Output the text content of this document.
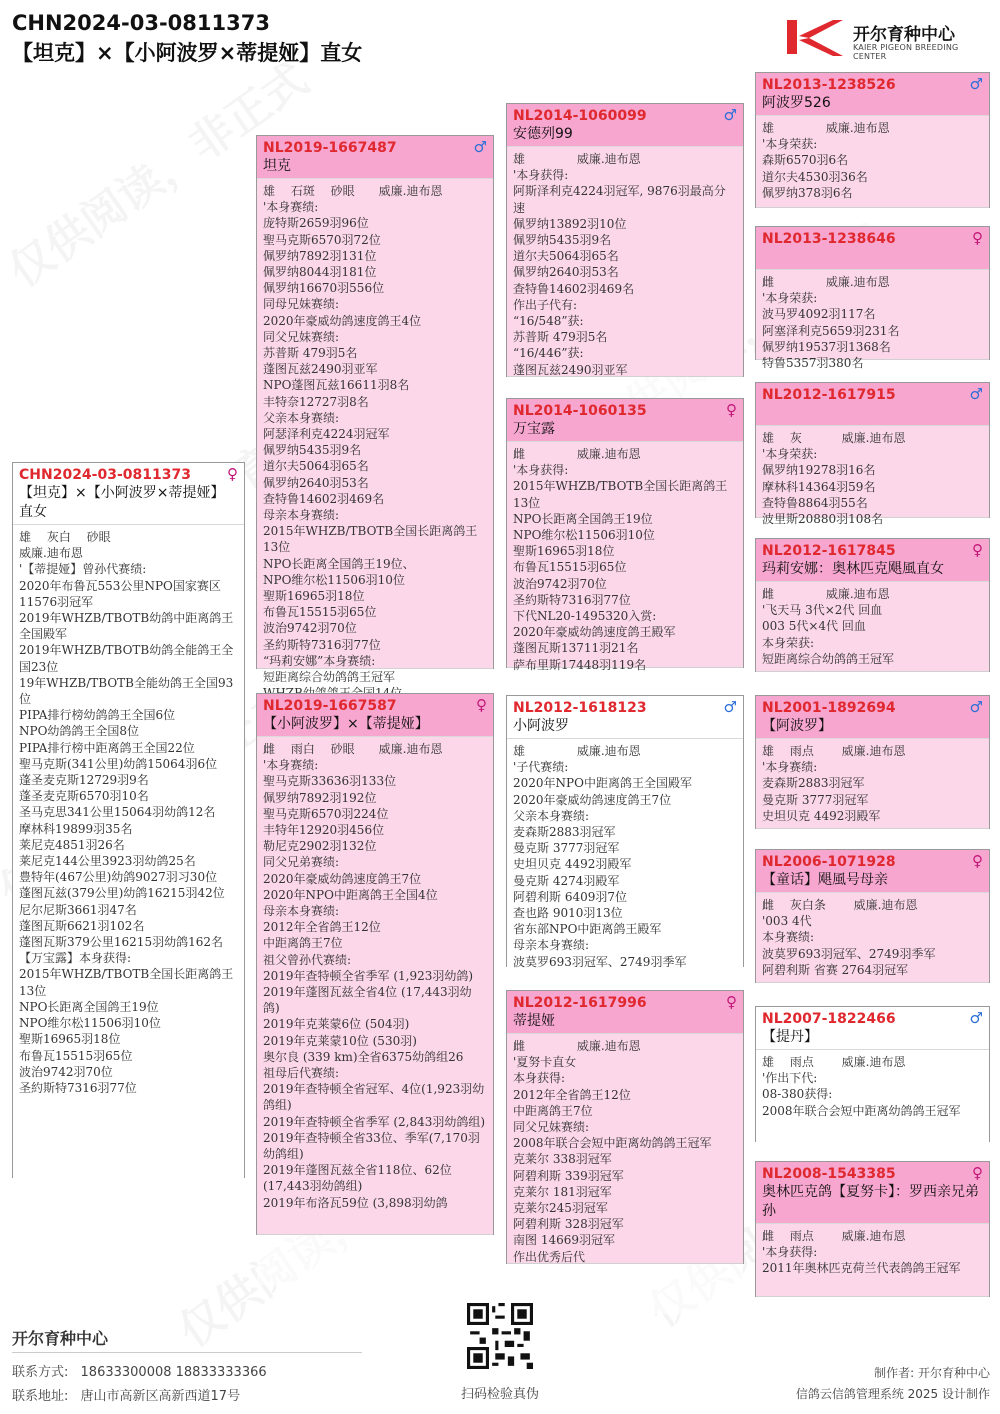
CHN2024-03-0811373
【坦克】×【小阿波罗×蒂提娅】直女
开尔育种中心
KAIER PIGEON BREEDING CENTER
CHN2024-03-0811373	♀
【坦克】×【小阿波罗×蒂提娅】直女
雄　 灰白　 砂眼
威廉.迪布恩
'【蒂提娅】曾孙代赛绩:
2020年布鲁瓦553公里NPO国家赛区11576羽冠军
2019年WHZB/TBOTB幼鸽中距离鸽王全国殿军
2019年WHZB/TBOTB幼鸽全能鸽王全国23位
19年WHZB/TBOTB全能幼鸽王全国93位
PIPA排行榜幼鸽鸽王全国6位
NPO幼鸽鸽王全国8位
PIPA排行榜中距离鸽王全国22位
聖马克斯(341公里)幼鸽15064羽6位
蓬圣麦克斯12729羽9名
蓬圣麦克斯6570羽10名
圣马克思341公里15064羽幼鸽12名
摩林科19899羽35名
莱尼克4851羽26名
莱尼克144公里3923羽幼鸽25名
豊特年(467公里)幼鸽9027羽习30位
蓬图瓦兹(379公里)幼鸽16215羽42位
尼尔尼斯3661羽47名
蓬图瓦斯6621羽102名
蓬图瓦斯379公里16215羽幼鸽162名
【万宝露】本身获得:
2015年WHZB/TBOTB全国长距离鸽王13位
NPO长距离全国鸽王19位
NPO维尔松11506羽10位
聖斯16965羽18位
布鲁瓦15515羽65位
波治9742羽70位
圣約斯特7316羽77位
NL2019-1667487	♂
坦克
雄　 石斑　 砂眼　　威廉.迪布恩
'本身赛绩:
庞特斯2659羽96位
聖马克斯6570羽72位
佩罗纳7892羽131位
佩罗纳8044羽181位
佩罗纳16670羽556位
同母兄妹赛绩:
2020年豪威幼鸽速度鸽王4位
同父兄妹赛绩:
苏普斯 479羽5名
蓬图瓦兹2490羽亚军
NPO蓬图瓦兹16611羽8名
丰特奈12727羽8名
父亲本身赛绩:
阿瑟泽利克4224羽冠军
佩罗纳5435羽9名
道尔夫5064羽65名
佩罗纳2640羽53名
查特鲁14602羽469名
母亲本身赛绩:
2015年WHZB/TBOTB全国长距离鸽王13位
NPO长距离全国鸽王19位、
NPO维尔松11506羽10位
聖斯16965羽18位
布鲁瓦15515羽65位
波治9742羽70位
圣約斯特7316羽77位
“玛莉安娜”本身赛绩:
短距离综合幼鸽鸽王冠军
NL2019-1667587	♀
【小阿波罗】×【蒂提娅】
雌　 雨白　 砂眼　　威廉.迪布恩
'本身赛绩:
聖马克斯33636羽133位
佩罗纳7892羽192位
聖马克斯6570羽224位
丰特年12920羽456位
勒尼克2902羽132位
同父兄弟赛绩:
2020年豪威幼鸽速度鸽王7位
2020年NPO中距离鸽王全国4位
母亲本身赛绩:
2012年全省鸽王12位
中距离鸽王7位
祖父曾孙代赛绩:
2019年查特顿全省季军 (1,923羽幼鸽)
2019年蓬图瓦兹全省4位 (17,443羽幼鸽)
2019年克莱蒙6位 (504羽)
2019年克莱蒙10位 (530羽)
奥尔良 (339 km)全省6375幼鸽组26
祖母后代赛绩:
2019年查特顿全省冠军、4位(1,923羽幼鸽组)
2019年查特顿全省季军 (2,843羽幼鸽组)
2019年查特顿全省33位、季军(7,170羽幼鸽组)
2019年蓬图瓦兹全省118位、62位(17,443羽幼鸽组)
2019年布洛瓦59位 (3,898羽幼鸽
NL2014-1060099	♂
安德列99
雄　　　　 威廉.迪布恩
'本身获得:
阿斯泽利克4224羽冠军, 9876羽最高分速
佩罗纳13892羽10位
佩罗纳5435羽9名
道尔夫5064羽65名
佩罗纳2640羽53名
查特鲁14602羽469名
作出子代有:
“16/548”获:
苏普斯 479羽5名
“16/446”获:
蓬图瓦兹2490羽亚军
NL2014-1060135	♀
万宝露
雌　　　　 威廉.迪布恩
'本身获得:
2015年WHZB/TBOTB全国长距离鸽王13位
NPO长距离全国鸽王19位
NPO维尔松11506羽10位
聖斯16965羽18位
布鲁瓦15515羽65位
波治9742羽70位
圣約斯特7316羽77位
下代NL20-1495320入赏:
2020年豪威幼鸽速度鸽王殿军
蓬图瓦斯13711羽21名
萨布里斯17448羽119名
NL2012-1618123	♂
小阿波罗
雄　　　　 威廉.迪布恩
'子代赛绩:
2020年NPO中距离鸽王全国殿军
2020年豪威幼鸽速度鸽王7位
父亲本身赛绩:
麦森斯2883羽冠军
曼克斯 3777羽冠军
史坦贝克 4492羽殿军
曼克斯 4274羽殿军
阿碧利斯 6409羽7位
查也路 9010羽13位
省东部NPO中距离鸽王殿军
母亲本身赛绩:
波莫罗693羽冠军、2749羽季军
NL2012-1617996	♀
蒂提娅
雌　　　　 威廉.迪布恩
'夏努卡直女
本身获得:
2012年全省鸽王12位
中距离鸽王7位
同父兄妹赛绩:
2008年联合会短中距离幼鸽鸽王冠军
克莱尔 338羽冠军
阿碧利斯 339羽冠军
克莱尔 181羽冠军
克莱尔245羽冠军
阿碧利斯 328羽冠军
南图 14669羽冠军
作出优秀后代
NL2013-1238526	♂
阿波罗526
雄　　　　 威廉.迪布恩
'本身荣获:
森斯6570羽6名
道尔夫4530羽36名
佩罗纳378羽6名
NL2013-1238646	♀
雌　　　　 威廉.迪布恩
'本身荣获:
波马罗4092羽117名
阿塞泽利克5659羽231名
佩罗纳19537羽1368名
特鲁5357羽380名
NL2012-1617915	♂
雄　 灰　　　 威廉.迪布恩
'本身荣获:
佩罗纳19278羽16名
摩林科14364羽59名
查特鲁8864羽55名
波里斯20880羽108名
NL2012-1617845	♀
玛莉安娜：奥林匹克飓風直女
雌　　　　 威廉.迪布恩
'飞天马 3代×2代 回血
003 5代×4代 回血
本身荣获:
短距离综合幼鸽鸽王冠军
NL2001-1892694	♂
【阿波罗】
雄　 雨点　　 威廉.迪布恩
'本身赛绩:
麦森斯2883羽冠军
曼克斯 3777羽冠军
史坦贝克 4492羽殿军
NL2006-1071928	♀
【童话】飓風号母亲
雌　 灰白条　　 威廉.迪布恩
'003 4代
本身赛绩:
波莫罗693羽冠军、2749羽季军
阿碧利斯 省赛 2764羽冠军
NL2007-1822466	♂
【提丹】
雄　 雨点　　 威廉.迪布恩
'作出下代:
08-380获得:
2008年联合会短中距离幼鸽鸽王冠军
NL2008-1543385	♀
奥林匹克鸽【夏努卡】：罗西亲兄弟孙
雌　 雨点　　 威廉.迪布恩
'本身获得:
2011年奥林匹克荷兰代表鸽鸽王冠军
开尔育种中心
联系方式: 18633300008 18833333366
联系地址: 唐山市高新区高新西道17号	扫码检验真伪
制作者: 开尔育种中心
信鸽云信鸽管理系统 2025 设计制作
